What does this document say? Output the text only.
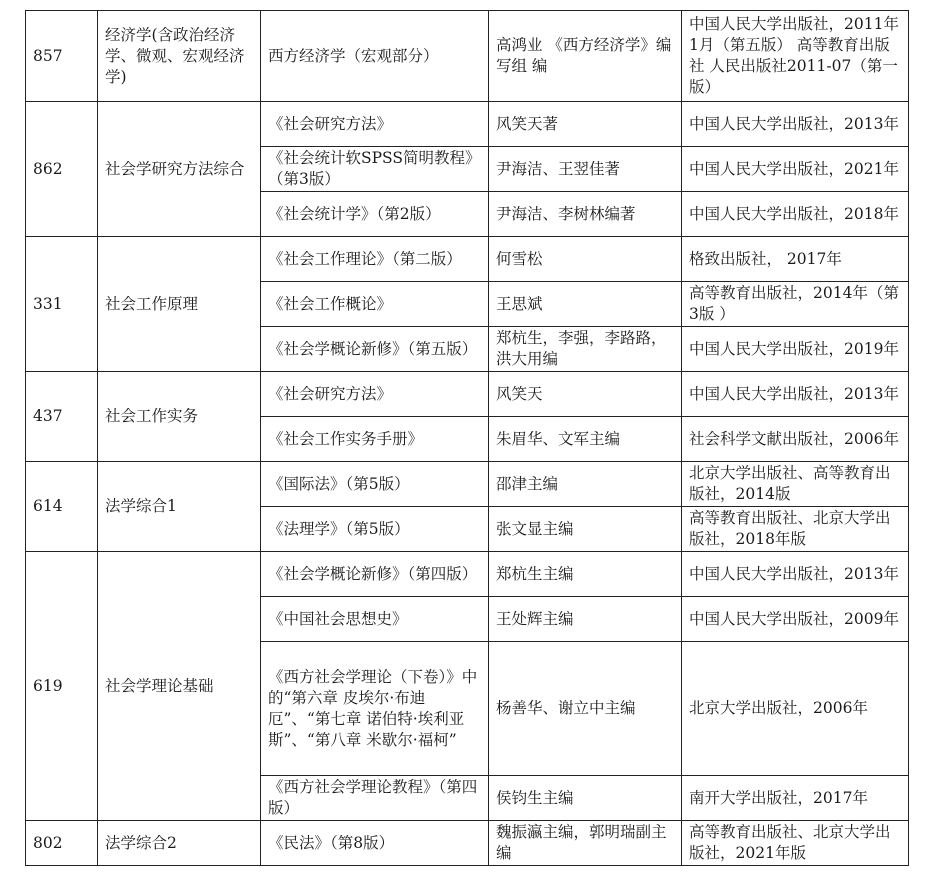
857	经济学(含政治经济学、微观、宏观经济学)	西方经济学（宏观部分）	高鸿业 《西方经济学》编写组 编	中国人民大学出版社，2011年1月（第五版） 高等教育出版社 人民出版社2011-07（第一版）
862	社会学研究方法综合	《社会研究方法》	风笑天著	中国人民大学出版社，2013年
		《社会统计软SPSS简明教程》（第3版）	尹海洁、王翌佳著	中国人民大学出版社，2021年
		《社会统计学》（第2版）	尹海洁、李树林编著	中国人民大学出版社，2018年
331	社会工作原理	《社会工作理论》（第二版）	何雪松	格致出版社， 2017年
		《社会工作概论》	王思斌	高等教育出版社，2014年（第3版 ）
		《社会学概论新修》（第五版）	郑杭生，李强，李路路，洪大用编	中国人民大学出版社，2019年
437	社会工作实务	《社会研究方法》	风笑天	中国人民大学出版社，2013年
		《社会工作实务手册》	朱眉华、文军主编	社会科学文献出版社，2006年
614	法学综合1	《国际法》（第5版）	邵津主编	北京大学出版社、高等教育出版社，2014版
		《法理学》（第5版）	张文显主编	高等教育出版社、北京大学出版社，2018年版
619	社会学理论基础	《社会学概论新修》（第四版）	郑杭生主编	中国人民大学出版社，2013年
		《中国社会思想史》	王处辉主编	中国人民大学出版社，2009年
		《西方社会学理论（下卷）》中的“第六章 皮埃尔·布迪厄”、“第七章 诺伯特·埃利亚斯”、“第八章 米歇尔·福柯”	杨善华、谢立中主编	北京大学出版社，2006年
		《西方社会学理论教程》（第四版）	侯钧生主编	南开大学出版社，2017年
802	法学综合2	《民法》（第8版）	魏振瀛主编，郭明瑞副主编	高等教育出版社、北京大学出版社，2021年版
